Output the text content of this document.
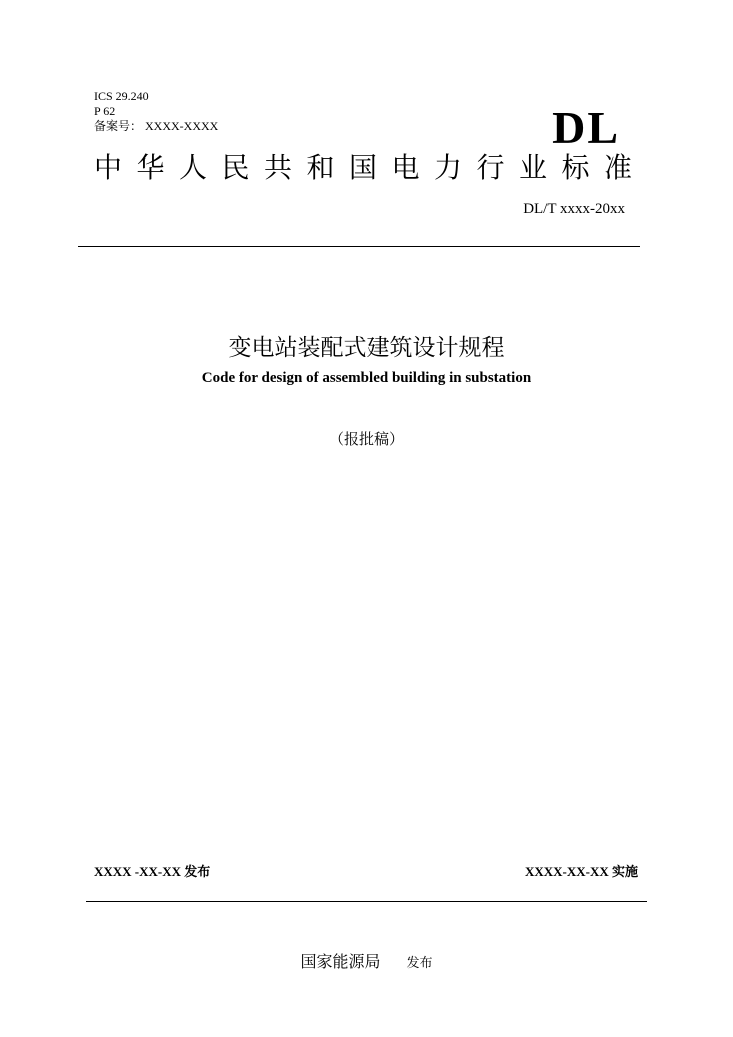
ICS 29.240
P 62
备案号： XXXX-XXXX	DL
中华人民共和国电力行业标准
DL/T xxxx-20xx
变电站装配式建筑设计规程
Code for design of assembled building in substation
（报批稿）
XXXX -XX-XX 发布	XXXX-XX-XX 实施
国家能源局 发布
